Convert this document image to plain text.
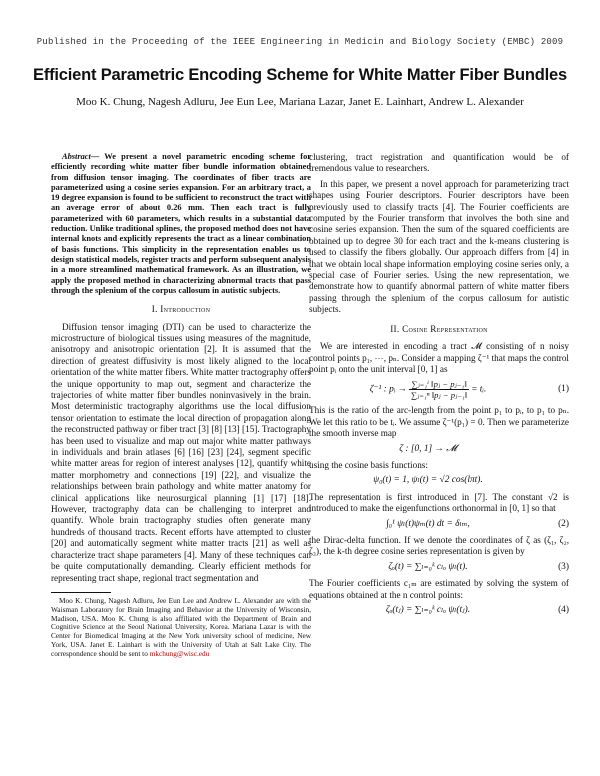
Published in the Proceeding of the IEEE Engineering in Medicin and Biology Society (EMBC) 2009
Efficient Parametric Encoding Scheme for White Matter Fiber Bundles
Moo K. Chung, Nagesh Adluru, Jee Eun Lee, Mariana Lazar, Janet E. Lainhart, Andrew L. Alexander

Abstract— We present a novel parametric encoding scheme for efficiently recording white matter fiber bundle information obtained from diffusion tensor imaging. The coordinates of fiber tracts are parameterized using a cosine series expansion. For an arbitrary tract, a 19 degree expansion is found to be sufficient to reconstruct the tract with an average error of about 0.26 mm. Then each tract is fully parameterized with 60 parameters, which results in a substantial data reduction. Unlike traditional splines, the proposed method does not have internal knots and explicitly represents the tract as a linear combination of basis functions. This simplicity in the representation enables us to design statistical models, register tracts and perform subsequent analysis in a more streamlined mathematical framework. As an illustration, we apply the proposed method in characterizing abnormal tracts that pass through the splenium of the corpus callosum in autistic subjects.

I. Introduction

Diffusion tensor imaging (DTI) can be used to characterize the microstructure of biological tissues using measures of the magnitude, anisotropy and anisotropic orientation [2]. It is assumed that the direction of greatest diffusivity is most likely aligned to the local orientation of the white matter fibers. White matter tractography offers the unique opportunity to map out, segment and characterize the trajectories of white matter fiber bundles noninvasively in the brain. Most deterministic tractography algorithms use the local diffusion tensor orientation to estimate the local direction of propagation along the reconstructed pathway or fiber tract [3] [8] [13] [15]. Tractography has been used to visualize and map out major white matter pathways in individuals and brain atlases [6] [16] [23] [24], segment specific white matter areas for region of interest analyses [12], quantify white matter morphometry and connections [19] [22], and visualize the relationships between brain pathology and white matter anatomy for clinical applications like neurosurgical planning [1] [17] [18]. However, tractography data can be challenging to interpret and quantify. Whole brain tractography studies often generate many hundreds of thousand tracts. Recent efforts have attempted to cluster [20] and automatically segment white matter tracts [21] as well as characterize tract shape parameters [4]. Many of these techniques can be quite computationally demanding. Clearly efficient methods for representing tract shape, regional tract segmentation and

Moo K. Chung, Nagesh Adluru, Jee Eun Lee and Andrew L. Alexander are with the Waisman Laboratory for Brain Imaging and Behavior at the University of Wisconsin, Madison, USA. Moo K. Chung is also affiliated with the Department of Brain and Cognitive Science at the Seoul National University, Korea. Mariana Lazar is with the Center for Biomedical Imaging at the New York university school of medicine, New York, USA. Janet E. Lainhart is with the University of Utah at Salt Lake City. The correspondence should be sent to mkchung@wisc.edu

clustering, tract registration and quantification would be of tremendous value to researchers.

In this paper, we present a novel approach for parameterizing tract shapes using Fourier descriptors. Fourier descriptors have been previously used to classify tracts [4]. The Fourier coefficients are computed by the Fourier transform that involves the both sine and cosine series expansion. Then the sum of the squared coefficients are obtained up to degree 30 for each tract and the k-means clustering is used to classify the fibers globally. Our approach differs from [4] in that we obtain local shape information employing cosine series only, a special case of Fourier series. Using the new representation, we demonstrate how to quantify abnormal pattern of white matter fibers passing through the splenium of the corpus callosum for autistic subjects.

II. Cosine Representation

We are interested in encoding a tract 𝓜 consisting of n noisy control points p₁, ⋯, pₙ. Consider a mapping ζ⁻¹ that maps the control point pᵢ onto the unit interval [0, 1] as

ζ⁻¹ : pᵢ → $\frac{\text{∑ⱼ₌₁ⁱ ‖pⱼ − pⱼ₋₁‖}}{\text{∑ⱼ₌₁ⁿ ‖pⱼ − pⱼ₋₁‖}}$ = tᵢ.	(1)

This is the ratio of the arc-length from the point p₁ to pᵢ, to p₁ to pₙ. We let this ratio to be tᵢ. We assume ζ⁻¹(p₁) = 0. Then we parameterize the smooth inverse map

ζ : [0, 1] → 𝓜

using the cosine basis functions:

ψ₀(t) = 1, ψₗ(t) = √2 cos(lπt).

The representation is first introduced in [7]. The constant √2 is introduced to make the eigenfunctions orthonormal in [0, 1] so that

∫₀¹ ψₗ(t)ψₘ(t) dt = δₗₘ,	(2)

the Dirac-delta function. If we denote the coordinates of ζ as (ζ₁, ζ₂, ζ₃), the k-th degree cosine series representation is given by

ζₒ(t) = ∑ₗ₌₀ᵏ cₗₒ ψₗ(t).	(3)

The Fourier coefficients c₁ₘ are estimated by solving the system of equations obtained at the n control points:

ζₒ(tⱼ) = ∑ₗ₌₀ᵏ cₗₒ ψₗ(tⱼ).	(4)
